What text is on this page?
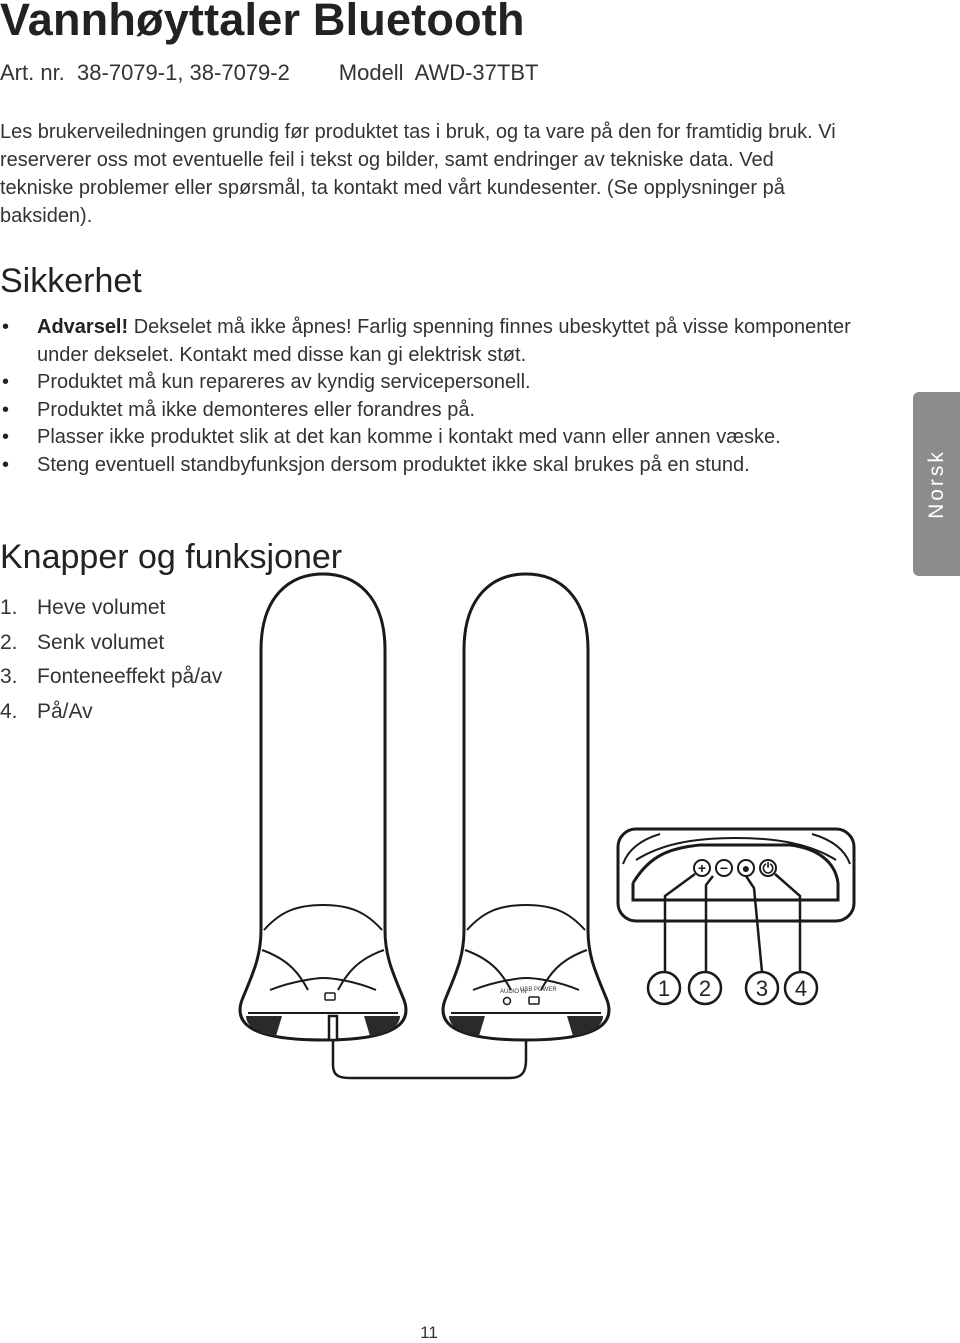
Vannhøyttaler Bluetooth
Art. nr. 38-7079-1, 38-7079-2 Modell AWD-37TBT

Les brukerveiledningen grundig før produktet tas i bruk, og ta vare på den for framtidig bruk. Vi reserverer oss mot eventuelle feil i tekst og bilder, samt endringer av tekniske data. Ved tekniske problemer eller spørsmål, ta kontakt med vårt kundesenter. (Se opplysninger på baksiden).

Sikkerhet
• Advarsel! Dekselet må ikke åpnes! Farlig spenning finnes ubeskyttet på visse komponenter under dekselet. Kontakt med disse kan gi elektrisk støt.
• Produktet må kun repareres av kyndig servicepersonell.
• Produktet må ikke demonteres eller forandres på.
• Plasser ikke produktet slik at det kan komme i kontakt med vann eller annen væske.
• Steng eventuell standbyfunksjon dersom produktet ikke skal brukes på en stund.
Knapper og funksjoner
1. Heve volumet
2. Senk volumet
3. Fonteneeffekt på/av
4. På/Av
Norsk
AUDIO IN
USB POWER
+ − ● ⏻
1 2 3 4
11
